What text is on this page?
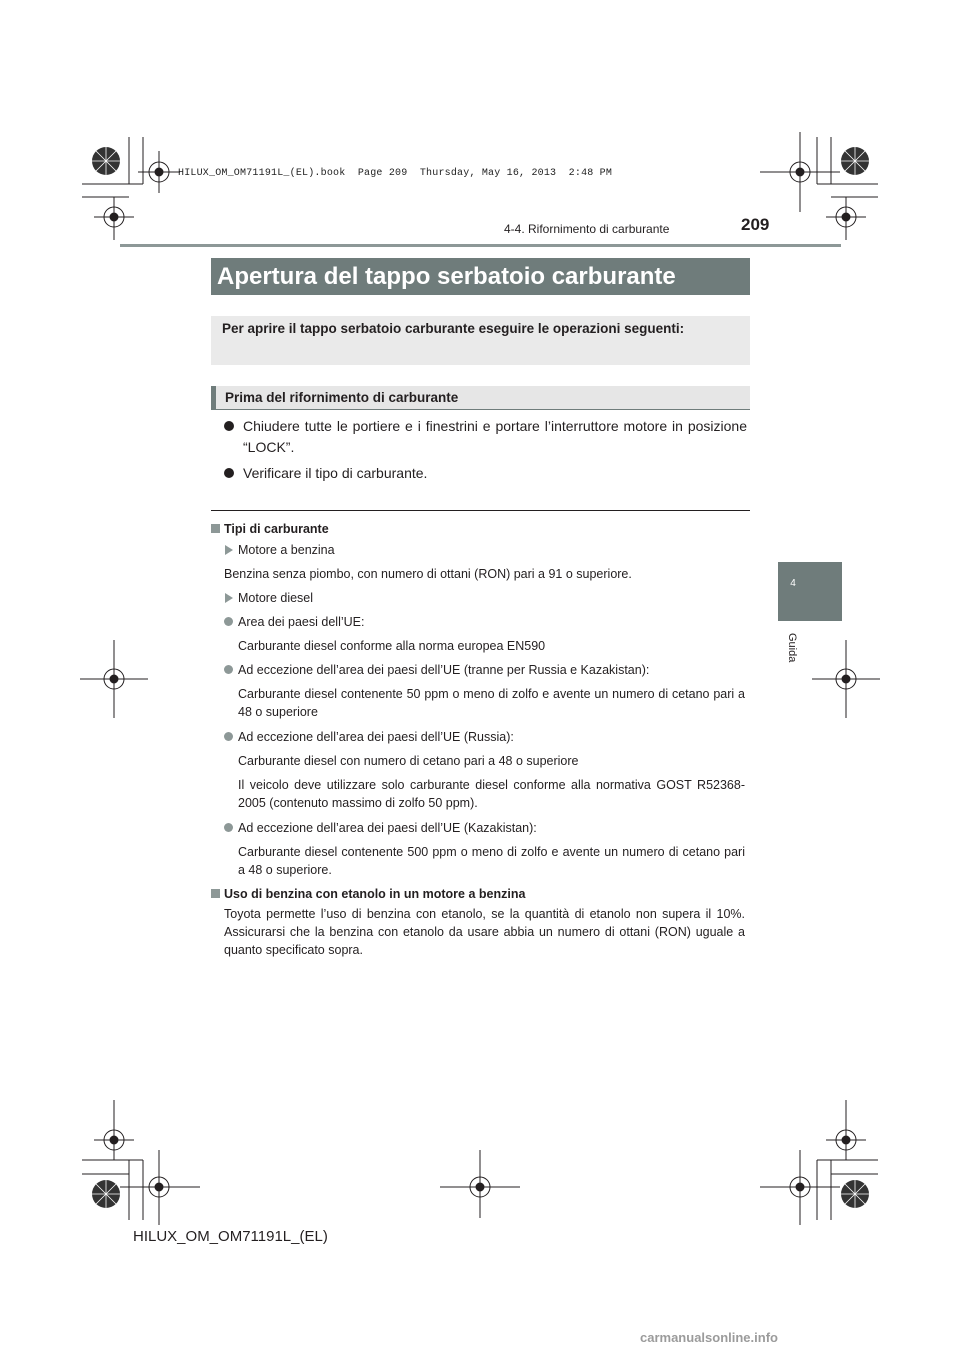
HILUX_OM_OM71191L_(EL).book  Page 209  Thursday, May 16, 2013  2:48 PM
209
4-4. Rifornimento di carburante
4
Guida
Apertura del tappo serbatoio carburante
Per aprire il tappo serbatoio carburante eseguire le operazioni seguenti:
Prima del rifornimento di carburante
Chiudere tutte le portiere e i finestrini e portare l’interruttore motore in posizione “LOCK”.
Verificare il tipo di carburante.
Tipi di carburante
Motore a benzina
Benzina senza piombo, con numero di ottani (RON) pari a 91 o superiore.
Motore diesel
Area dei paesi dell’UE:
Carburante diesel conforme alla norma europea EN590
Ad eccezione dell’area dei paesi dell’UE (tranne per Russia e Kazakistan):
Carburante diesel contenente 50 ppm o meno di zolfo e avente un numero di cetano pari a 48 o superiore
Ad eccezione dell’area dei paesi dell’UE (Russia):
Carburante diesel con numero di cetano pari a 48 o superiore
Il veicolo deve utilizzare solo carburante diesel conforme alla normativa GOST R52368-2005 (contenuto massimo di zolfo 50 ppm).
Ad eccezione dell’area dei paesi dell’UE (Kazakistan):
Carburante diesel contenente 500 ppm o meno di zolfo e avente un numero di cetano pari a 48 o superiore.
Uso di benzina con etanolo in un motore a benzina
Toyota permette l’uso di benzina con etanolo, se la quantità di etanolo non supera il 10%. Assicurarsi che la benzina con etanolo da usare abbia un numero di ottani (RON) uguale a quanto specificato sopra.
HILUX_OM_OM71191L_(EL)
carmanualsonline.info
